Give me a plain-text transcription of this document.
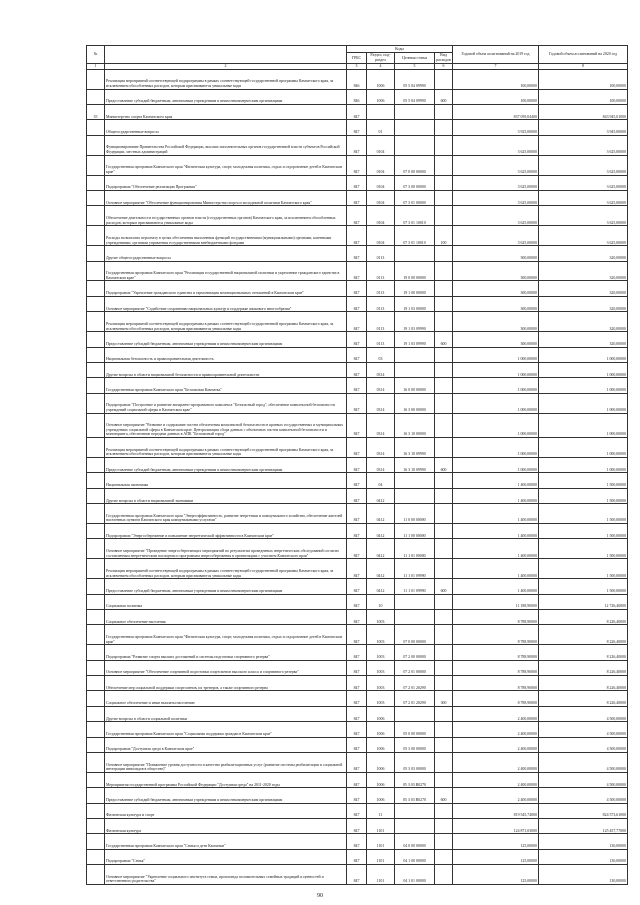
№		Коды				Годовой объем ассигнований на 2019 год	Годовой объем ассигнований на 2020 год
		ГРБС	Раздел, под-раздел	Целевая статья	Вид расходов		
1	2	3	4	5	6	7	8
	Реализация мероприятий соответствующей подпрограммы в рамках соответствующей государственной программы Камчатского края, за исключением обособленных расходов, которым присваиваются уникальные коды	846	1006	05 5 04 09990		100,00000	100,00000
	Предоставление субсидий бюджетным, автономным учреждениям и иным некоммерческим организациям	846	1006	05 5 04 09990	600	100,00000	100,00000
35	Министерство спорта Камчатского края	847				837 059,04400	843 945,01000
	Общегосударственные вопросы	847	01			3 925,00000	3 945,00000
	Функционирование Правительства Российской Федерации, высших исполнительных органов государственной власти субъектов Российской Федерации, местных администраций	847	0104			3 625,00000	3 625,00000
	Государственная программа Камчатского края "Физическая культура, спорт, молодежная политика, отдых и оздоровление детей в Камчатском крае"	847	0104	07 0 00 00000		3 625,00000	3 625,00000
	Подпрограмма "Обеспечение реализации Программы"	847	0104	07 3 00 00000		3 625,00000	3 625,00000
	Основное мероприятие "Обеспечение функционирования Министерства спорта и молодежной политики Камчатского края"	847	0104	07 3 01 00000		3 625,00000	3 625,00000
	Обеспечение деятельности государственных органов власти (государственных органов) Камчатского края, за исключением обособленных расходов, которым присваиваются уникальные коды	847	0104	07 3 01 10010		3 625,00000	3 625,00000
	Расходы на выплаты персоналу в целях обеспечения выполнения функций государственными (муниципальными) органами, казенными учреждениями, органами управления государственными внебюджетными фондами	847	0104	07 3 01 10010	100	3 625,00000	3 625,00000
	Другие общегосударственные вопросы	847	0113			300,00000	320,00000
	Государственная программа Камчатского края "Реализация государственной национальной политики и укрепление гражданского единства в Камчатском крае"	847	0113	19 0 00 00000		300,00000	320,00000
	Подпрограмма "Укрепление гражданского единства и гармонизация межнациональных отношений в Камчатском крае"	847	0113	19 1 00 00000		300,00000	320,00000
	Основное мероприятие "Содействие сохранению национальных культур и поддержке языкового многообразия"	847	0113	19 1 03 00000		300,00000	320,00000
	Реализация мероприятий соответствующей подпрограммы в рамках соответствующей государственной программы Камчатского края, за исключением обособленных расходов, которым присваиваются уникальные коды	847	0113	19 1 03 09990		300,00000	320,00000
	Предоставление субсидий бюджетным, автономным учреждениям и иным некоммерческим организациям	847	0113	19 1 03 09990	600	300,00000	320,00000
	Национальная безопасность и правоохранительная деятельность	847	03			1 000,00000	1 000,00000
	Другие вопросы в области национальной безопасности и правоохранительной деятельности	847	0314			1 000,00000	1 000,00000
	Государственная программа Камчатского края "Безопасная Камчатка"	847	0314	16 0 00 00000		1 000,00000	1 000,00000
	Подпрограмма "Построение и развитие аппаратно-программного комплекса "Безопасный город", обеспечение комплексной безопасности учреждений социальной сферы в Камчатском крае"	847	0314	16 3 00 00000		1 000,00000	1 000,00000
	Основное мероприятие "Развитие и содержание систем обеспечения комплексной безопасности в краевых государственных и муниципальных учреждениях социальной сферы в Камчатском крае. Централизация сбора данных с объектовых систем комплексной безопасности и мониторинга, обеспечение передачи данных в АПК "Безопасный город"	847	0314	16 3 10 00000		1 000,00000	1 000,00000
	Реализация мероприятий соответствующей подпрограммы в рамках соответствующей государственной программы Камчатского края, за исключением обособленных расходов, которым присваиваются уникальные коды	847	0314	16 3 10 09990		1 000,00000	1 000,00000
	Предоставление субсидий бюджетным, автономным учреждениям и иным некоммерческим организациям	847	0314	16 3 10 09990	600	1 000,00000	1 000,00000
	Национальная экономика	847	04			1 400,00000	1 500,00000
	Другие вопросы в области национальной экономики	847	0412			1 400,00000	1 500,00000
	Государственная программа Камчатского края "Энергоэффективность, развитие энергетики и коммунального хозяйства, обеспечение жителей населенных пунктов Камчатского края коммунальными услугами"	847	0412	11 0 00 00000		1 400,00000	1 500,00000
	Подпрограмма "Энергосбережение и повышение энергетической эффективности в Камчатском крае"	847	0412	11 1 00 00000		1 400,00000	1 500,00000
	Основное мероприятие "Проведение энергосберегающих мероприятий по результатам проведенных энергетических обследований согласно составленным энергетическим паспортам и программам энергосбережения в организациях с участием Камчатского края"	847	0412	11 1 01 00000		1 400,00000	1 500,00000
	Реализация мероприятий соответствующей подпрограммы в рамках соответствующей государственной программы Камчатского края, за исключением обособленных расходов, которым присваиваются уникальные коды	847	0412	11 1 01 09990		1 400,00000	1 500,00000
	Предоставление субсидий бюджетным, автономным учреждениям и иным некоммерческим организациям	847	0412	11 1 01 09990	600	1 400,00000	1 500,00000
	Социальная политика	847	10			11 188,90000	12 726,40000
	Социальное обеспечение населения	847	1003			8 788,90000	8 226,40000
	Государственная программа Камчатского края "Физическая культура, спорт, молодежная политика, отдых и оздоровление детей в Камчатском крае"	847	1003	07 0 00 00000		8 788,90000	8 226,40000
	Подпрограмма "Развитие спорта высших достижений и системы подготовки спортивного резерва"	847	1003	07 2 00 00000		8 788,90000	8 226,40000
	Основное мероприятие "Обеспечение спортивной подготовки спортсменов высокого класса и спортивного резерва"	847	1003	07 2 01 00000		8 788,90000	8 226,40000
	Обеспечение мер социальной поддержки спортсменов, их тренеров, а также спортивного резерва	847	1003	07 2 01 20290		8 788,90000	8 226,40000
	Социальное обеспечение и иные выплаты населению	847	1003	07 2 01 20290	300	8 788,90000	8 226,40000
	Другие вопросы в области социальной политики	847	1006			2 400,00000	4 500,00000
	Государственная программа Камчатского края "Социальная поддержка граждан в Камчатском крае"	847	1006	05 0 00 00000		2 400,00000	4 500,00000
	Подпрограмма "Доступная среда в Камчатском крае"	847	1006	05 3 00 00000		2 400,00000	4 500,00000
	Основное мероприятие "Повышение уровня доступности и качества реабилитационных услуг (развитие системы реабилитации и социальной интеграции инвалидов в обществе)"	847	1006	05 3 03 00000		2 400,00000	4 500,00000
	Мероприятия государственной программы Российской Федерации "Доступная среда" на 2011-2020 годы	847	1006	05 3 03 R0270		2 400,00000	4 500,00000
	Предоставление субсидий бюджетным, автономным учреждениям и иным некоммерческим организациям	847	1006	05 3 03 R0270	600	2 400,00000	4 500,00000
	Физическая культура и спорт	847	11			819 545,74000	824 573,61000
	Физическая культура	847	1101			124 871,03000	125 457,77000
	Государственная программа Камчатского края "Семья и дети Камчатки"	847	1101	04 0 00 00000		125,00000	130,00000
	Подпрограмма "Семья"	847	1101	04 1 00 00000		125,00000	130,00000
	Основное мероприятие "Укрепление социального института семьи, пропаганда положительных семейных традиций и ценностей и ответственного родительства"	847	1101	04 1 01 00000		125,00000	130,00000
90
